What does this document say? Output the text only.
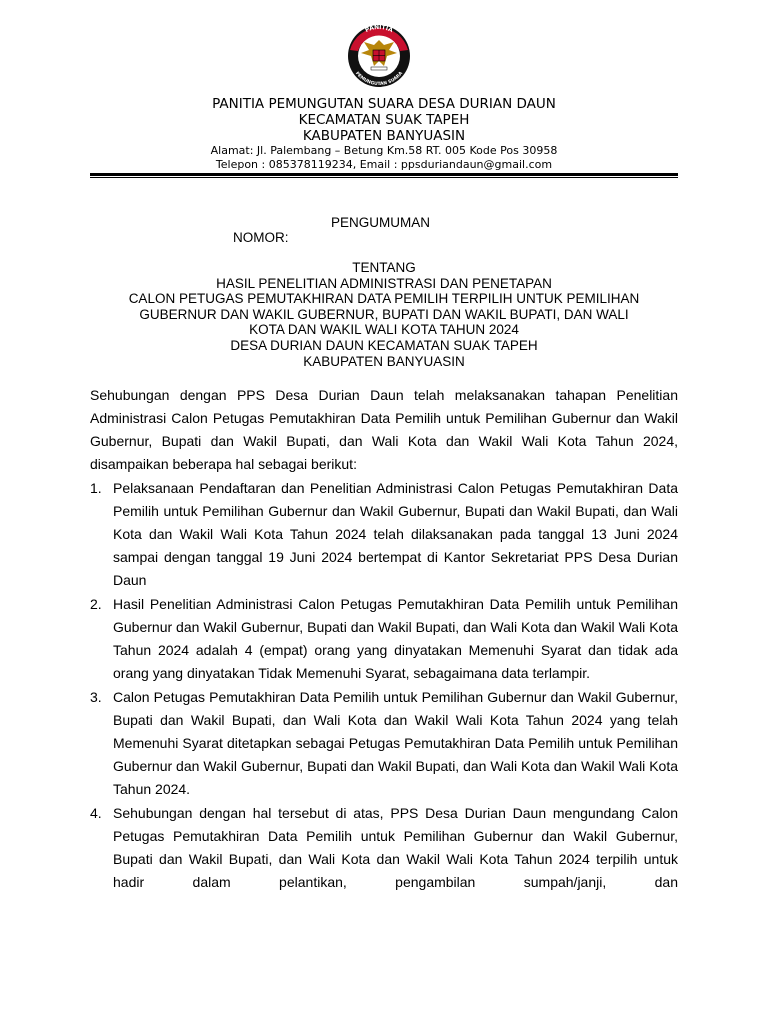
PANITIA
PEMUNGUTAN SUARA
PANITIA PEMUNGUTAN SUARA DESA DURIAN DAUN
KECAMATAN SUAK TAPEH
KABUPATEN BANYUASIN
Alamat: Jl. Palembang – Betung Km.58 RT. 005 Kode Pos 30958
Telepon : 085378119234, Email : ppsduriandaun@gmail.com
PENGUMUMAN
NOMOR:
TENTANG
HASIL PENELITIAN ADMINISTRASI DAN PENETAPAN
CALON PETUGAS PEMUTAKHIRAN DATA PEMILIH TERPILIH UNTUK PEMILIHAN
GUBERNUR DAN WAKIL GUBERNUR, BUPATI DAN WAKIL BUPATI, DAN WALI
KOTA DAN WAKIL WALI KOTA TAHUN 2024
DESA DURIAN DAUN KECAMATAN SUAK TAPEH
KABUPATEN BANYUASIN

Sehubungan dengan PPS Desa Durian Daun telah melaksanakan tahapan Penelitian Administrasi Calon Petugas Pemutakhiran Data Pemilih untuk Pemilihan Gubernur dan Wakil Gubernur, Bupati dan Wakil Bupati, dan Wali Kota dan Wakil Wali Kota Tahun 2024, disampaikan beberapa hal sebagai berikut:

1. Pelaksanaan Pendaftaran dan Penelitian Administrasi Calon Petugas Pemutakhiran Data Pemilih untuk Pemilihan Gubernur dan Wakil Gubernur, Bupati dan Wakil Bupati, dan Wali Kota dan Wakil Wali Kota Tahun 2024 telah dilaksanakan pada tanggal 13 Juni 2024 sampai dengan tanggal 19 Juni 2024 bertempat di Kantor Sekretariat PPS Desa Durian Daun
2. Hasil Penelitian Administrasi Calon Petugas Pemutakhiran Data Pemilih untuk Pemilihan Gubernur dan Wakil Gubernur, Bupati dan Wakil Bupati, dan Wali Kota dan Wakil Wali Kota Tahun 2024 adalah 4 (empat) orang yang dinyatakan Memenuhi Syarat dan tidak ada orang yang dinyatakan Tidak Memenuhi Syarat, sebagaimana data terlampir.
3. Calon Petugas Pemutakhiran Data Pemilih untuk Pemilihan Gubernur dan Wakil Gubernur, Bupati dan Wakil Bupati, dan Wali Kota dan Wakil Wali Kota Tahun 2024 yang telah Memenuhi Syarat ditetapkan sebagai Petugas Pemutakhiran Data Pemilih untuk Pemilihan Gubernur dan Wakil Gubernur, Bupati dan Wakil Bupati, dan Wali Kota dan Wakil Wali Kota Tahun 2024.
4. Sehubungan dengan hal tersebut di atas, PPS Desa Durian Daun mengundang Calon Petugas Pemutakhiran Data Pemilih untuk Pemilihan Gubernur dan Wakil Gubernur, Bupati dan Wakil Bupati, dan Wali Kota dan Wakil Wali Kota Tahun 2024 terpilih untuk hadir dalam pelantikan, pengambilan sumpah/janji, dan
